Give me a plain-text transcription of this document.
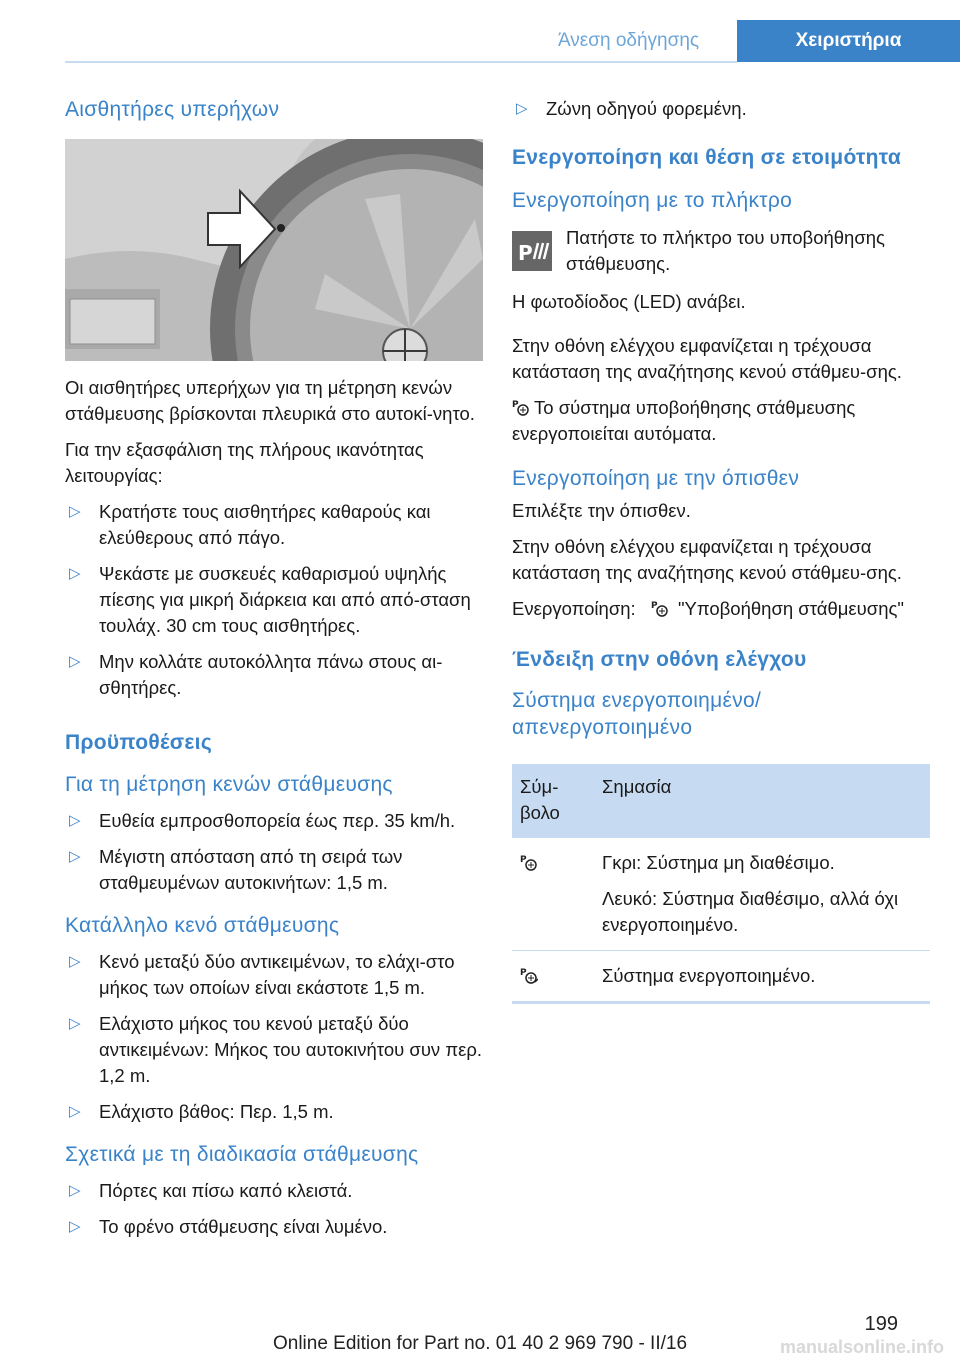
Άνεση οδήγησης	Χειριστήρια
Αισθητήρες υπερήχων
Οι αισθητήρες υπερήχων για τη μέτρηση κενών στάθμευσης βρίσκονται πλευρικά στο αυτοκί‐νητο.
Για την εξασφάλιση της πλήρους ικανότητας λειτουργίας:
▷ Κρατήστε τους αισθητήρες καθαρούς και ελεύθερους από πάγο.
▷ Ψεκάστε με συσκευές καθαρισμού υψηλής πίεσης για μικρή διάρκεια και από από‐σταση τουλάχ. 30 cm τους αισθητήρες.
▷ Μην κολλάτε αυτοκόλλητα πάνω στους αι‐σθητήρες.
Προϋποθέσεις
Για τη μέτρηση κενών στάθμευσης
▷ Ευθεία εμπροσθοπορεία έως περ. 35 km/h.
▷ Μέγιστη απόσταση από τη σειρά των σταθμευμένων αυτοκινήτων: 1,5 m.
Κατάλληλο κενό στάθμευσης
▷ Κενό μεταξύ δύο αντικειμένων, το ελάχι‐στο μήκος των οποίων είναι εκάστοτε 1,5 m.
▷ Ελάχιστο μήκος του κενού μεταξύ δύο αντικειμένων: Μήκος του αυτοκινήτου συν περ. 1,2 m.
▷ Ελάχιστο βάθος: Περ. 1,5 m.
Σχετικά με τη διαδικασία στάθμευσης
▷ Πόρτες και πίσω καπό κλειστά.
▷ Το φρένο στάθμευσης είναι λυμένο.
▷ Ζώνη οδηγού φορεμένη.
Ενεργοποίηση και θέση σε ετοιμότητα
Ενεργοποίηση με το πλήκτρο
P
Πατήστε το πλήκτρο του υποβοήθησης στάθμευσης.
Η φωτοδίοδος (LED) ανάβει.
Στην οθόνη ελέγχου εμφανίζεται η τρέχουσα κατάσταση της αναζήτησης κενού στάθμευ‐σης.
P Το σύστημα υποβοήθησης στάθμευσης ενεργοποιείται αυτόματα.
Ενεργοποίηση με την όπισθεν
Επιλέξτε την όπισθεν.
Στην οθόνη ελέγχου εμφανίζεται η τρέχουσα κατάσταση της αναζήτησης κενού στάθμευ‐σης.
Ενεργοποίηση: P "Υποβοήθηση στάθμευσης"
Ένδειξη στην οθόνη ελέγχου
Σύστημα ενεργοποιημένο/ απενεργοποιημένο
Σύμ‐ βολο	Σημασία

P	Γκρι: Σύστημα μη διαθέσιμο.
Λευκό: Σύστημα διαθέσιμο, αλλά όχι ενεργοποιημένο.

P	Σύστημα ενεργοποιημένο.
199
Online Edition for Part no. 01 40 2 969 790 - II/16	manualsonline.info
